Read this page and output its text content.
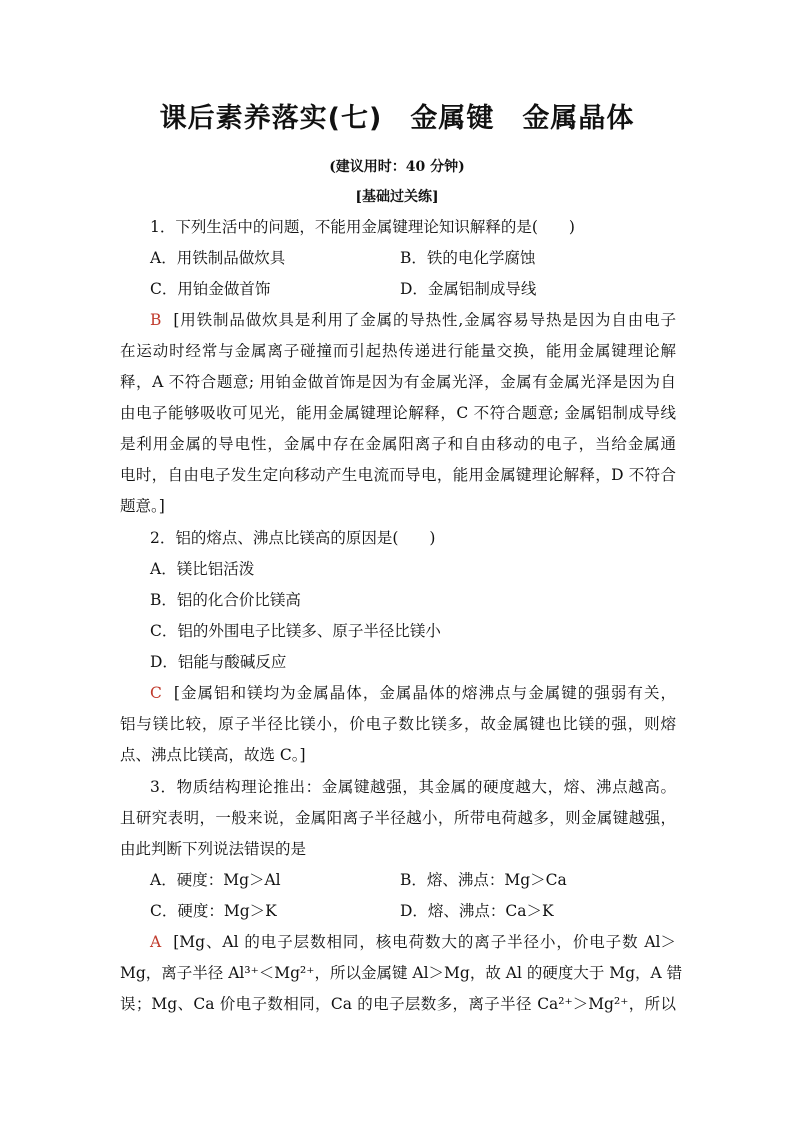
课后素养落实(七)　金属键　金属晶体
(建议用时：40 分钟)
[基础过关练]
1．下列生活中的问题，不能用金属键理论知识解释的是(　　)
A．用铁制品做炊具	B．铁的电化学腐蚀
C．用铂金做首饰	D．金属铝制成导线
B [用铁制品做炊具是利用了金属的导热性,金属容易导热是因为自由电子
在运动时经常与金属离子碰撞而引起热传递进行能量交换，能用金属键理论解
释，A 不符合题意; 用铂金做首饰是因为有金属光泽，金属有金属光泽是因为自
由电子能够吸收可见光，能用金属键理论解释，C 不符合题意; 金属铝制成导线
是利用金属的导电性，金属中存在金属阳离子和自由移动的电子，当给金属通
电时，自由电子发生定向移动产生电流而导电，能用金属键理论解释，D 不符合
题意。]
2．铝的熔点、沸点比镁高的原因是(　　)
A．镁比铝活泼
B．铝的化合价比镁高
C．铝的外围电子比镁多、原子半径比镁小
D．铝能与酸碱反应
C [金属铝和镁均为金属晶体，金属晶体的熔沸点与金属键的强弱有关，
铝与镁比较，原子半径比镁小，价电子数比镁多，故金属键也比镁的强，则熔
点、沸点比镁高，故选 C。]
3．物质结构理论推出：金属键越强，其金属的硬度越大，熔、沸点越高。
且研究表明，一般来说，金属阳离子半径越小，所带电荷越多，则金属键越强，
由此判断下列说法错误的是
A．硬度：Mg＞Al	B．熔、沸点：Mg＞Ca
C．硬度：Mg＞K	D．熔、沸点：Ca＞K
A [Mg、Al 的电子层数相同，核电荷数大的离子半径小，价电子数 Al＞
Mg，离子半径 Al³⁺＜Mg²⁺，所以金属键 Al＞Mg，故 Al 的硬度大于 Mg，A 错
误；Mg、Ca 价电子数相同，Ca 的电子层数多，离子半径 Ca²⁺＞Mg²⁺，所以
